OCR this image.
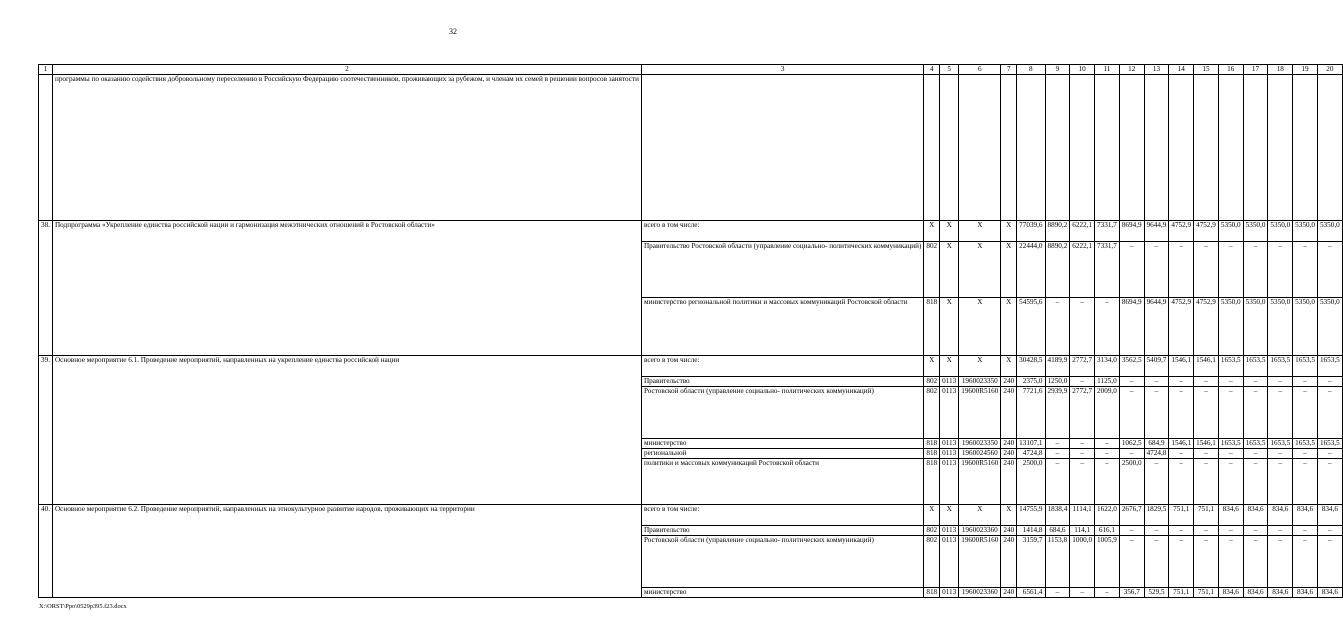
32
1	2	3	4	5	6	7	8	9	10	11	12	13	14	15	16	17	18	19	20
	программы по оказанию содействия добровольному переселению в Российскую Федерацию соотечественников, проживающих за рубежом, и членам их семей в решении вопросов занятости																		
38.	Подпрограмма «Укрепление единства российской нации и гармонизация межэтнических отношений в Ростовской области»	всего в том числе:	X	X	X	X	77039,6	8890,2	6222,1	7331,7	8694,9	9644,9	4752,9	4752,9	5350,0	5350,0	5350,0	5350,0	5350,0
		Правительство Ростовской области (управление социально- политических коммуникаций)	802	X	X	X	22444,0	8890,2	6222,1	7331,7	–	–	–	–	–	–	–	–	–
		министерство региональной политики и массовых коммуникаций Ростовской области	818	X	X	X	54595,6	–	–	–	8694,9	9644,9	4752,9	4752,9	5350,0	5350,0	5350,0	5350,0	5350,0
39.	Основное мероприятие 6.1. Проведение мероприятий, направленных на укрепление единства российской нации	всего в том числе:	X	X	X	X	30428,5	4189,9	2772,7	3134,0	3562,5	5409,7	1546,1	1546,1	1653,5	1653,5	1653,5	1653,5	1653,5
		Правительство	802	0113	1960023350	240	2375,0	1250,0	–	1125,0	–	–	–	–	–	–	–	–	–
		Ростовской области (управление социально- политических коммуникаций)	802	0113	19600R5160	240	7721,6	2939,9	2772,7	2009,0	–	–	–	–	–	–	–	–	–
		министерство	818	0113	1960023350	240	13107,1	–	–	–	1062,5	684,9	1546,1	1546,1	1653,5	1653,5	1653,5	1653,5	1653,5
		региональной	818	0113	1960024560	240	4724,8	–	–	–	–	4724,8	–	–	–	–	–	–	–
		политики и массовых коммуникаций Ростовской области	818	0113	19600R5160	240	2500,0	–	–	–	2500,0	–	–	–	–	–	–	–	–
40.	Основное мероприятие 6.2. Проведение мероприятий, направленных на этнокультурное развитие народов, проживающих на территории	всего в том числе:	X	X	X	X	14755,9	1838,4	1114,1	1622,0	2676,7	1829,5	751,1	751,1	834,6	834,6	834,6	834,6	834,6
		Правительство	802	0113	1960023360	240	1414,8	684,6	114,1	616,1	–	–	–	–	–	–	–	–	–
		Ростовской области (управление социально- политических коммуникаций)	802	0113	19600R5160	240	3159,7	1153,8	1000,0	1005,9	–	–	–	–	–	–	–	–	–
		министерство	818	0113	1960023360	240	6561,4	–	–	–	356,7	529,5	751,1	751,1	834,6	834,6	834,6	834,6	834,6
X:\ORST\Ppo\0529p395.f23.docx
